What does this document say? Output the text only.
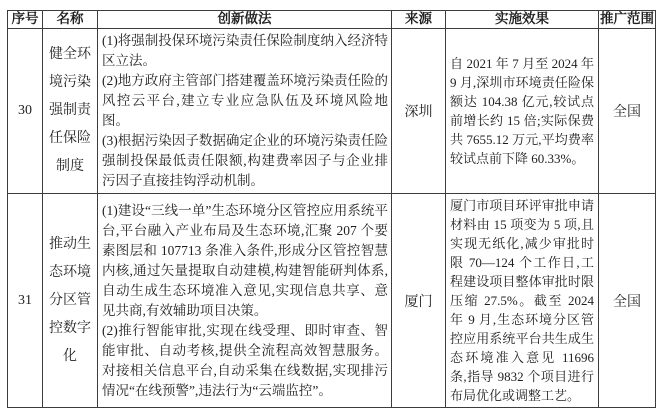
序号	名称	创新做法	来源	实施效果	推广范围
30	健全环境污染强制责任保险制度	(1)将强制投保环境污染责任保险制度纳入经济特区立法。

(2)地方政府主管部门搭建覆盖环境污染责任险的风控云平台,建立专业应急队伍及环境风险地图。

(3)根据污染因子数据确定企业的环境污染责任险强制投保最低责任限额,构建费率因子与企业排污因子直接挂钩浮动机制。	深圳	自 2021 年 7 月至 2024 年 9 月,深圳市环境责任险保额达 104.38 亿元,较试点前增长约 15 倍;实际保费共 7655.12 万元,平均费率较试点前下降 60.33%。	全国
31	推动生态环境分区管控数字化	(1)建设“三线一单”生态环境分区管控应用系统平台,平台融入产业布局及生态环境,汇聚 207 个要素图层和 107713 条准入条件,形成分区管控智慧内核,通过矢量提取自动建模,构建智能研判体系,自动生成生态环境准入意见,实现信息共享、意见共商,有效辅助项目决策。

(2)推行智能审批,实现在线受理、即时审查、智能审批、自动考核,提供全流程高效智慧服务。对接相关信息平台,自动采集在线数据,实现排污情况“在线预警”,违法行为“云端监控”。	厦门	厦门市项目环评审批申请材料由 15 项变为 5 项,且实现无纸化,减少审批时限 70—124 个工作日,工程建设项目整体审批时限压缩 27.5%。截至 2024 年 9 月,生态环境分区管控应用系统平台共生成生态环境准入意见 11696 条,指导 9832 个项目进行布局优化或调整工艺。	全国
